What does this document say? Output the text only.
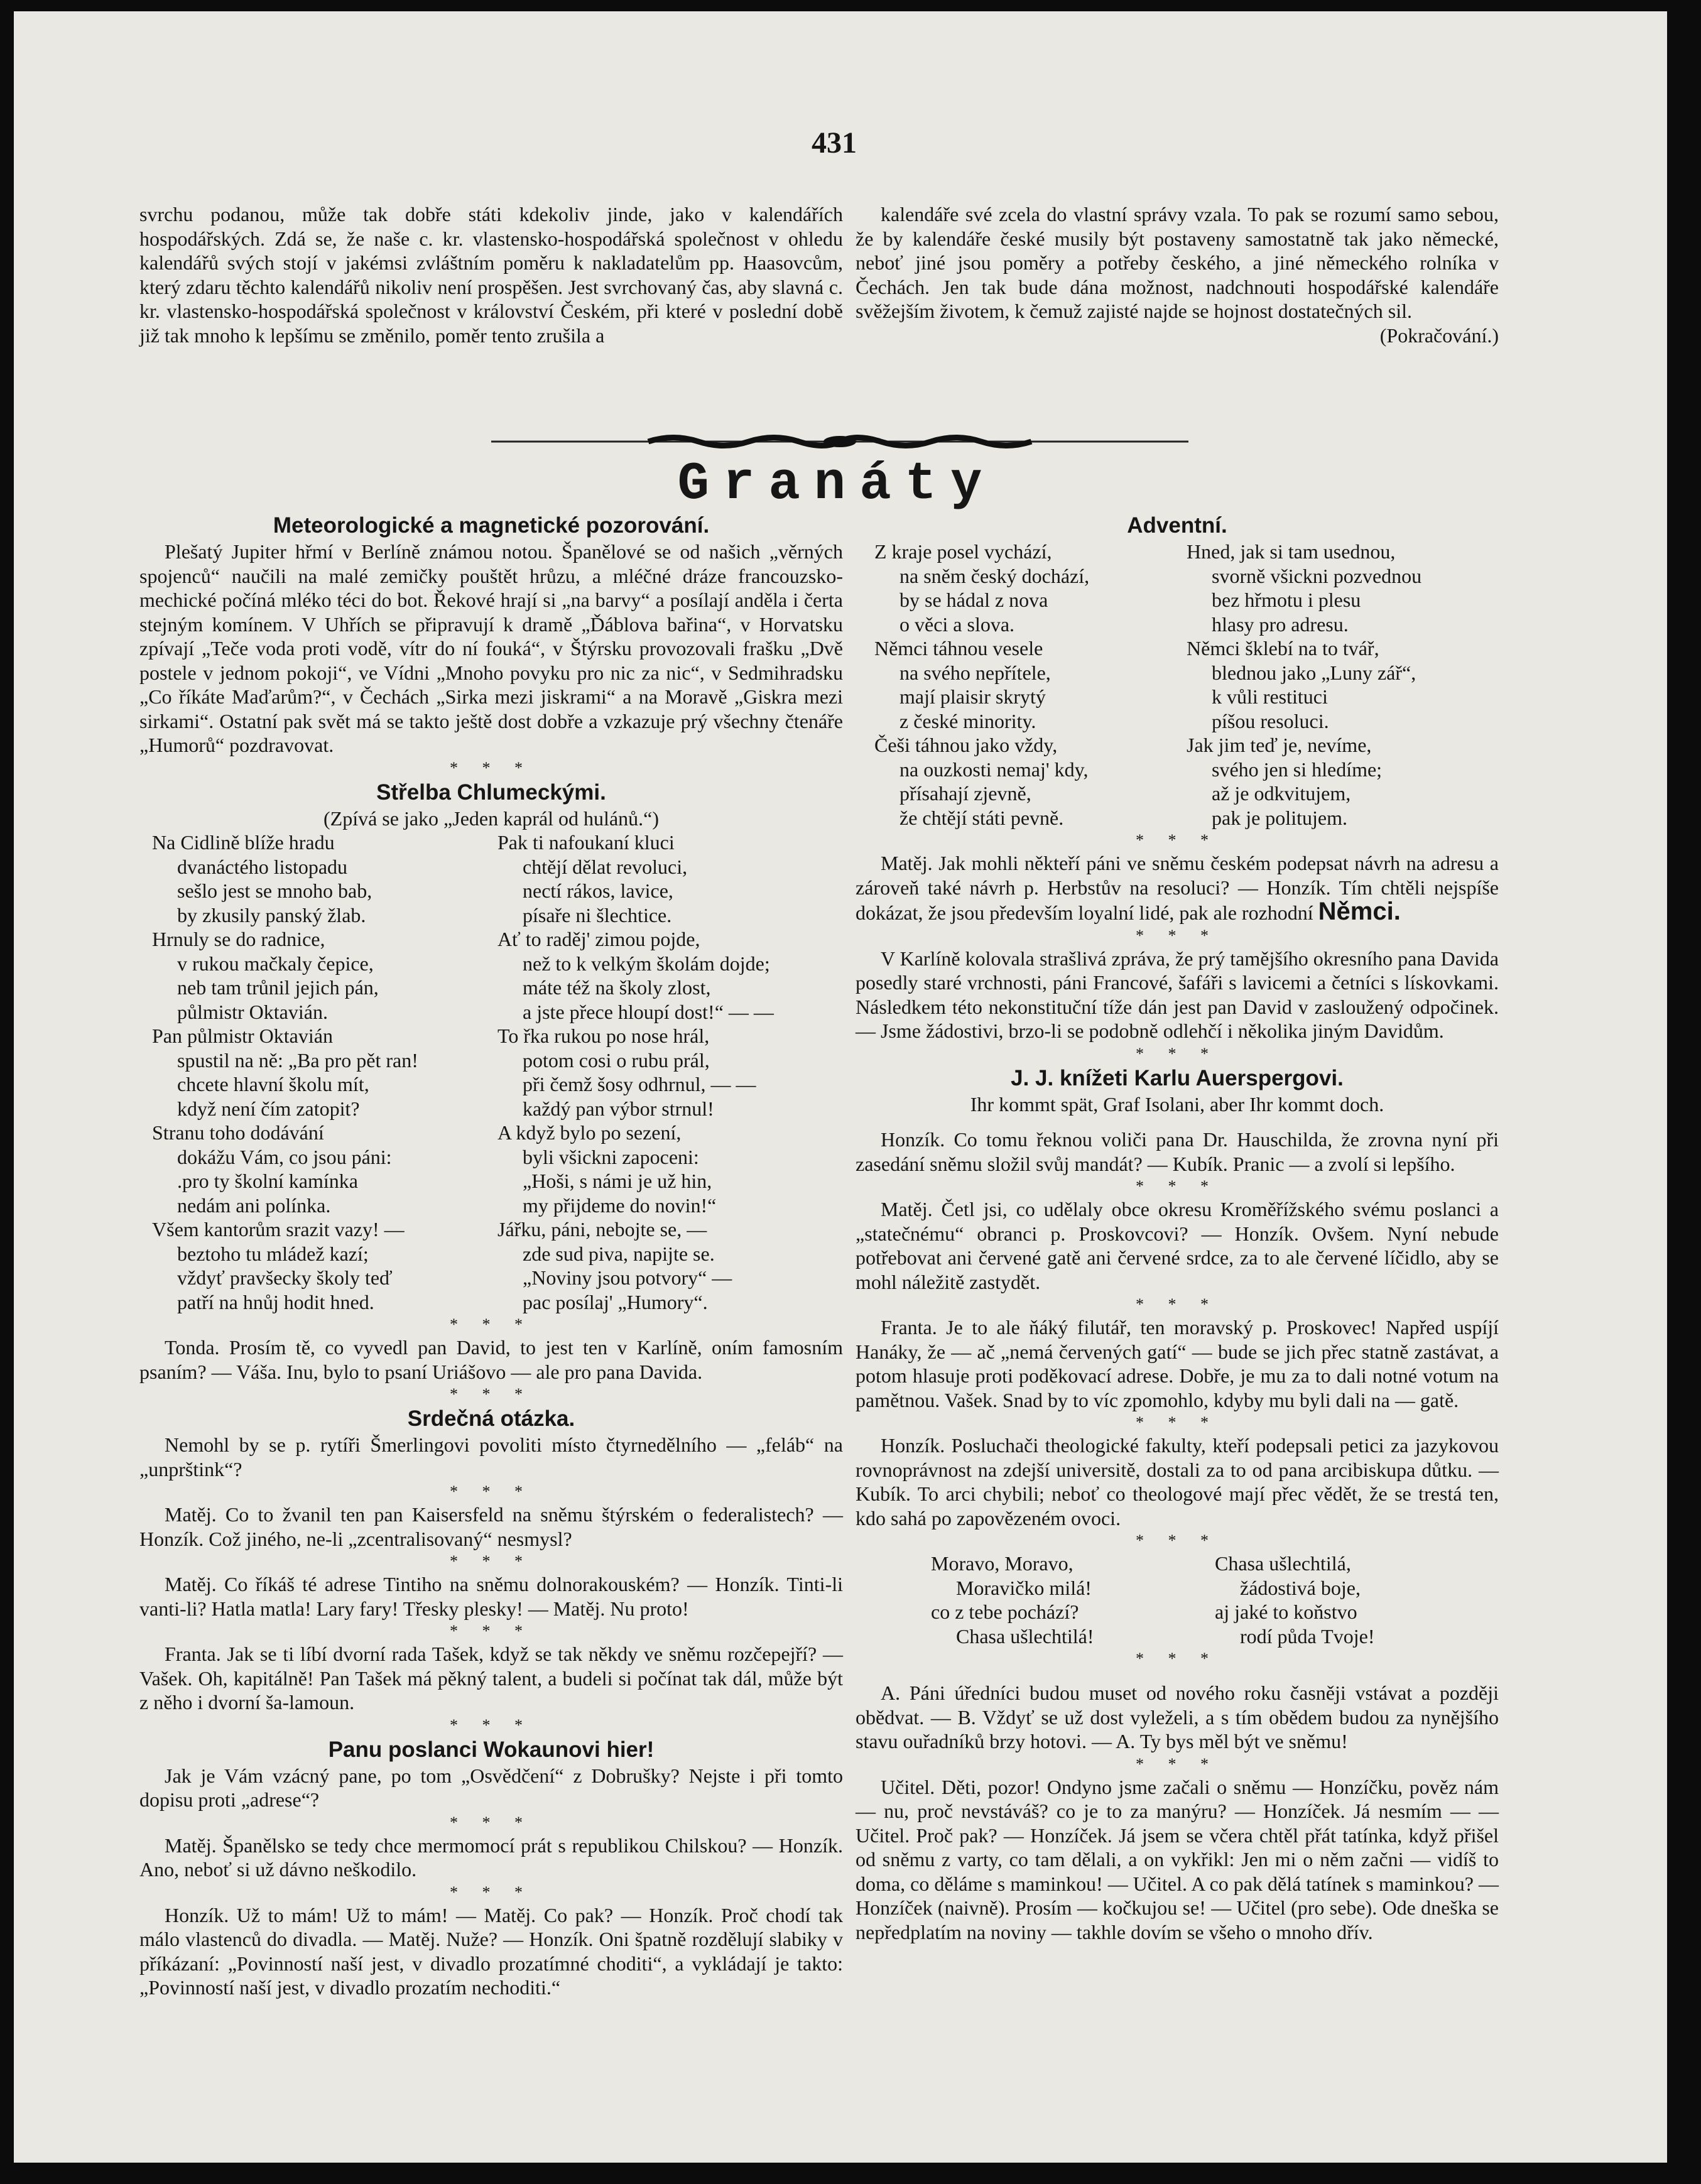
431

svrchu podanou, může tak dobře státi kdekoliv jinde, jako v kalendářích hospodářských. Zdá se, že naše c. kr. vlastensko-hospodářská společnost v ohledu kalendářů svých stojí v jakémsi zvláštním poměru k nakladatelům pp. Haasovcům, který zdaru těchto kalendářů nikoliv není prospěšen. Jest svrchovaný čas, aby slavná c. kr. vlastensko-hospodářská společnost v království Českém, při které v poslední době již tak mnoho k lepšímu se změnilo, poměr tento zrušila a

kalendáře své zcela do vlastní správy vzala. To pak se rozumí samo sebou, že by kalendáře české musily být postaveny samostatně tak jako německé, neboť jiné jsou poměry a potřeby českého, a jiné německého rolníka v Čechách. Jen tak bude dána možnost, nadchnouti hospodářské kalendáře svěžejším životem, k čemuž zajisté najde se hojnost dostatečných sil.

(Pokračování.)

Granáty
Meteorologické a magnetické pozorování.

Plešatý Jupiter hřmí v Berlíně známou notou. Španělové se od našich „věrných spojenců“ naučili na malé zemičky pouštět hrůzu, a mléčné dráze francouzsko-mechické počíná mléko téci do bot. Řekové hrají si „na barvy“ a posílají anděla i čerta stejným komínem. V Uhřích se připravují k dramě „Ďáblova bařina“, v Horvatsku zpívají „Teče voda proti vodě, vítr do ní fouká“, v Štýrsku provozovali frašku „Dvě postele v jednom pokoji“, ve Vídni „Mnoho povyku pro nic za nic“, v Sedmihradsku „Co říkáte Maďarům?“, v Čechách „Sirka mezi jiskrami“ a na Moravě „Giskra mezi sirkami“. Ostatní pak svět má se takto ještě dost dobře a vzkazuje prý všechny čtenáře „Humorů“ pozdravovat.

* * *
Střelba Chlumeckými.
(Zpívá se jako „Jeden kaprál od hulánů.“)

Na Cidlině blíže hradu

dvanáctého listopadu

sešlo jest se mnoho bab,

by zkusily panský žlab.

Hrnuly se do radnice,

v rukou mačkaly čepice,

neb tam trůnil jejich pán,

půlmistr Oktavián.

Pan půlmistr Oktavián

spustil na ně: „Ba pro pět ran!

chcete hlavní školu mít,

když není čím zatopit?

Stranu toho dodávání

dokážu Vám, co jsou páni:

.pro ty školní kamínka

nedám ani polínka.

Všem kantorům srazit vazy! —

beztoho tu mládež kazí;

vždyť pravšecky školy teď

patří na hnůj hodit hned.

Pak ti nafoukaní kluci

chtějí dělat revoluci,

nectí rákos, lavice,

písaře ni šlechtice.

Ať to raděj' zimou pojde,

než to k velkým školám dojde;

máte též na školy zlost,

a jste přece hloupí dost!“ — —

To řka rukou po nose hrál,

potom cosi o rubu prál,

při čemž šosy odhrnul, — —

každý pan výbor strnul!

A když bylo po sezení,

byli všickni zapoceni:

„Hoši, s námi je už hin,

my přijdeme do novin!“

Jářku, páni, nebojte se, —

zde sud piva, napijte se.

„Noviny jsou potvory“ —

pac posílaj' „Humory“.

* * *

Tonda. Prosím tě, co vyvedl pan David, to jest ten v Karlíně, oním famosním psaním? — Váša. Inu, bylo to psaní Uriášovo — ale pro pana Davida.

* * *
Srdečná otázka.

Nemohl by se p. rytíři Šmerlingovi povoliti místo čtyrnedělního — „feláb“ na „unprštink“?

* * *

Matěj. Co to žvanil ten pan Kaisersfeld na sněmu štýrském o federalistech? — Honzík. Což jiného, ne-li „zcentralisovaný“ nesmysl?

* * *

Matěj. Co říkáš té adrese Tintiho na sněmu dolnorakouském? — Honzík. Tinti-li vanti-li? Hatla matla! Lary fary! Třesky plesky! — Matěj. Nu proto!

* * *

Franta. Jak se ti líbí dvorní rada Tašek, když se tak někdy ve sněmu rozčepejří? — Vašek. Oh, kapitálně! Pan Tašek má pěkný talent, a budeli si počínat tak dál, může být z něho i dvorní ša-lamoun.

* * *
Panu poslanci Wokaunovi hier!

Jak je Vám vzácný pane, po tom „Osvědčení“ z Dobrušky? Nejste i při tomto dopisu proti „adrese“?

* * *

Matěj. Španělsko se tedy chce mermomocí prát s republikou Chilskou? — Honzík. Ano, neboť si už dávno neškodilo.

* * *

Honzík. Už to mám! Už to mám! — Matěj. Co pak? — Honzík. Proč chodí tak málo vlastenců do divadla. — Matěj. Nuže? — Honzík. Oni špatně rozdělují slabiky v příkázaní: „Povinností naší jest, v divadlo prozatímné choditi“, a vykládají je takto: „Povinností naší jest, v divadlo prozatím nechoditi.“

Adventní.

Z kraje posel vychází,

na sněm český dochází,

by se hádal z nova

o věci a slova.

Němci táhnou vesele

na svého nepřítele,

mají plaisir skrytý

z české minority.

Češi táhnou jako vždy,

na ouzkosti nemaj' kdy,

přísahají zjevně,

že chtějí státi pevně.

Hned, jak si tam usednou,

svorně všickni pozvednou

bez hřmotu i plesu

hlasy pro adresu.

Němci šklebí na to tvář,

blednou jako „Luny zář“,

k vůli restituci

píšou resoluci.

Jak jim teď je, nevíme,

svého jen si hledíme;

až je odkvitujem,

pak je politujem.

* * *

Matěj. Jak mohli někteří páni ve sněmu českém podepsat návrh na adresu a zároveň také návrh p. Herbstův na resoluci? — Honzík. Tím chtěli nejspíše dokázat, že jsou především loyalní lidé, pak ale rozhodní Němci.

* * *

V Karlíně kolovala strašlivá zpráva, že prý tamějšího okresního pana Davida posedly staré vrchnosti, páni Francové, šafáři s lavicemi a četníci s lískovkami. Následkem této nekonstituční tíže dán jest pan David v zasloužený odpočinek. — Jsme žádostivi, brzo-li se podobně odlehčí i několika jiným Davidům.

* * *
J. J. knížeti Karlu Auerspergovi.
Ihr kommt spät, Graf Isolani, aber Ihr kommt doch.

Honzík. Co tomu řeknou voliči pana Dr. Hauschilda, že zrovna nyní při zasedání sněmu složil svůj mandát? — Kubík. Pranic — a zvolí si lepšího.

* * *

Matěj. Četl jsi, co udělaly obce okresu Kroměřížského svému poslanci a „statečnému“ obranci p. Proskovcovi? — Honzík. Ovšem. Nyní nebude potřebovat ani červené gatě ani červené srdce, za to ale červené líčidlo, aby se mohl náležitě zastydět.

* * *

Franta. Je to ale ňáký filutář, ten moravský p. Proskovec! Napřed uspíjí Hanáky, že — ač „nemá červených gatí“ — bude se jich přec statně zastávat, a potom hlasuje proti poděkovací adrese. Dobře, je mu za to dali notné votum na pamětnou. Vašek. Snad by to víc zpomohlo, kdyby mu byli dali na — gatě.

* * *

Honzík. Posluchači theologické fakulty, kteří podepsali petici za jazykovou rovnoprávnost na zdejší universitě, dostali za to od pana arcibiskupa důtku. — Kubík. To arci chybili; neboť co theologové mají přec vědět, že se trestá ten, kdo sahá po zapovězeném ovoci.

* * *

Moravo, Moravo,

Moravičko milá!

co z tebe pochází?

Chasa ušlechtilá!

Chasa ušlechtilá,

žádostivá boje,

aj jaké to koňstvo

rodí půda Tvoje!

* * *

A. Páni úředníci budou muset od nového roku časněji vstávat a později obědvat. — B. Vždyť se už dost vyleželi, a s tím obědem budou za nynějšího stavu ouřadníků brzy hotovi. — A. Ty bys měl být ve sněmu!

* * *

Učitel. Děti, pozor! Ondyno jsme začali o sněmu — Honzíčku, pověz nám — nu, proč nevstáváš? co je to za manýru? — Honzíček. Já nesmím — — Učitel. Proč pak? — Honzíček. Já jsem se včera chtěl přát tatínka, když přišel od sněmu z varty, co tam dělali, a on vykřikl: Jen mi o něm začni — vidíš to doma, co děláme s maminkou! — Učitel. A co pak dělá tatínek s maminkou? — Honzíček (naivně). Prosím — kočkujou se! — Učitel (pro sebe). Ode dneška se nepředplatím na noviny — takhle dovím se všeho o mnoho dřív.
